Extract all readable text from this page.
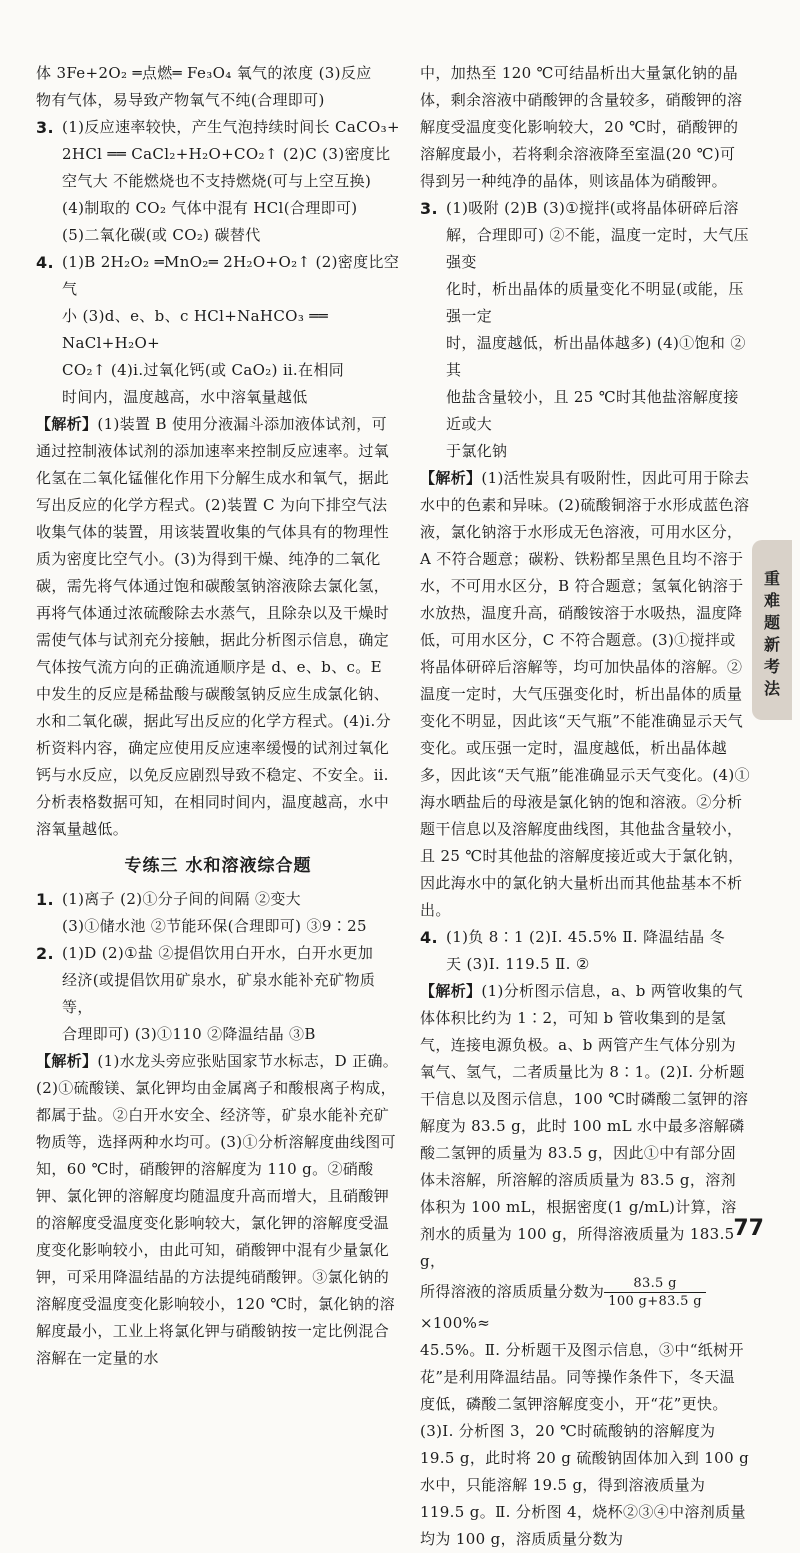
体 3Fe+2O₂ ═点燃═ Fe₃O₄ 氧气的浓度 (3)反应

物有气体，易导致产物氧气不纯(合理即可)

3. (1)反应速率较快，产生气泡持续时间长 CaCO₃+

2HCl ══ CaCl₂+H₂O+CO₂↑ (2)C (3)密度比

空气大 不能燃烧也不支持燃烧(可与上空互换)

(4)制取的 CO₂ 气体中混有 HCl(合理即可)

(5)二氧化碳(或 CO₂) 碳替代

4. (1)B 2H₂O₂ ═MnO₂═ 2H₂O+O₂↑ (2)密度比空气

小 (3)d、e、b、c HCl+NaHCO₃ ══ NaCl+H₂O+

CO₂↑ (4)ⅰ.过氧化钙(或 CaO₂) ⅱ.在相同

时间内，温度越高，水中溶氧量越低

【解析】(1)装置 B 使用分液漏斗添加液体试剂，可通过控制液体试剂的添加速率来控制反应速率。过氧化氢在二氧化锰催化作用下分解生成水和氧气，据此写出反应的化学方程式。(2)装置 C 为向下排空气法收集气体的装置，用该装置收集的气体具有的物理性质为密度比空气小。(3)为得到干燥、纯净的二氧化碳，需先将气体通过饱和碳酸氢钠溶液除去氯化氢，再将气体通过浓硫酸除去水蒸气，且除杂以及干燥时需使气体与试剂充分接触，据此分析图示信息，确定气体按气流方向的正确流通顺序是 d、e、b、c。E 中发生的反应是稀盐酸与碳酸氢钠反应生成氯化钠、水和二氧化碳，据此写出反应的化学方程式。(4)ⅰ.分析资料内容，确定应使用反应速率缓慢的试剂过氧化钙与水反应，以免反应剧烈导致不稳定、不安全。ⅱ.分析表格数据可知，在相同时间内，温度越高，水中溶氧量越低。

专练三 水和溶液综合题
1. (1)离子 (2)①分子间的间隔 ②变大

(3)①储水池 ②节能环保(合理即可) ③9∶25

2. (1)D (2)①盐 ②提倡饮用白开水，白开水更加

经济(或提倡饮用矿泉水，矿泉水能补充矿物质等，

合理即可) (3)①110 ②降温结晶 ③B

【解析】(1)水龙头旁应张贴国家节水标志，D 正确。(2)①硫酸镁、氯化钾均由金属离子和酸根离子构成，都属于盐。②白开水安全、经济等，矿泉水能补充矿物质等，选择两种水均可。(3)①分析溶解度曲线图可知，60 ℃时，硝酸钾的溶解度为 110 g。②硝酸钾、氯化钾的溶解度均随温度升高而增大，且硝酸钾的溶解度受温度变化影响较大，氯化钾的溶解度受温度变化影响较小，由此可知，硝酸钾中混有少量氯化钾，可采用降温结晶的方法提纯硝酸钾。③氯化钠的溶解度受温度变化影响较小，120 ℃时，氯化钠的溶解度最小，工业上将氯化钾与硝酸钠按一定比例混合溶解在一定量的水

中，加热至 120 ℃可结晶析出大量氯化钠的晶体，剩余溶液中硝酸钾的含量较多，硝酸钾的溶解度受温度变化影响较大，20 ℃时，硝酸钾的溶解度最小，若将剩余溶液降至室温(20 ℃)可得到另一种纯净的晶体，则该晶体为硝酸钾。

3. (1)吸附 (2)B (3)①搅拌(或将晶体研碎后溶

解，合理即可) ②不能，温度一定时，大气压强变

化时，析出晶体的质量变化不明显(或能，压强一定

时，温度越低，析出晶体越多) (4)①饱和 ②其

他盐含量较小，且 25 ℃时其他盐溶解度接近或大

于氯化钠

【解析】(1)活性炭具有吸附性，因此可用于除去水中的色素和异味。(2)硫酸铜溶于水形成蓝色溶液，氯化钠溶于水形成无色溶液，可用水区分，A 不符合题意；碳粉、铁粉都呈黑色且均不溶于水，不可用水区分，B 符合题意；氢氧化钠溶于水放热，温度升高，硝酸铵溶于水吸热，温度降低，可用水区分，C 不符合题意。(3)①搅拌或将晶体研碎后溶解等，均可加快晶体的溶解。②温度一定时，大气压强变化时，析出晶体的质量变化不明显，因此该“天气瓶”不能准确显示天气变化。或压强一定时，温度越低，析出晶体越多，因此该“天气瓶”能准确显示天气变化。(4)①海水晒盐后的母液是氯化钠的饱和溶液。②分析题干信息以及溶解度曲线图，其他盐含量较小，且 25 ℃时其他盐的溶解度接近或大于氯化钠，因此海水中的氯化钠大量析出而其他盐基本不析出。

4. (1)负 8∶1 (2)Ⅰ. 45.5% Ⅱ. 降温结晶 冬

天 (3)Ⅰ. 119.5 Ⅱ. ②

【解析】(1)分析图示信息，a、b 两管收集的气体体积比约为 1∶2，可知 b 管收集到的是氢气，连接电源负极。a、b 两管产生气体分别为氧气、氢气，二者质量比为 8∶1。(2)Ⅰ. 分析题干信息以及图示信息，100 ℃时磷酸二氢钾的溶解度为 83.5 g，此时 100 mL 水中最多溶解磷酸二氢钾的质量为 83.5 g，因此①中有部分固体未溶解，所溶解的溶质质量为 83.5 g，溶剂体积为 100 mL，根据密度(1 g/mL)计算，溶剂水的质量为 100 g，所得溶液质量为 183.5 g，

所得溶液的溶质质量分数为 $\frac{83.5 g}{100 g+83.5 g}$
×100%≈

45.5%。Ⅱ. 分析题干及图示信息，③中“纸树开花”是利用降温结晶。同等操作条件下，冬天温度低，磷酸二氢钾溶解度变小，开“花”更快。(3)Ⅰ. 分析图 3，20 ℃时硫酸钠的溶解度为 19.5 g，此时将 20 g 硫酸钠固体加入到 100 g 水中，只能溶解 19.5 g，得到溶液质量为 119.5 g。Ⅱ. 分析图 4，烧杯②③④中溶剂质量均为 100 g，溶质质量分数为

重难题新考法
77
